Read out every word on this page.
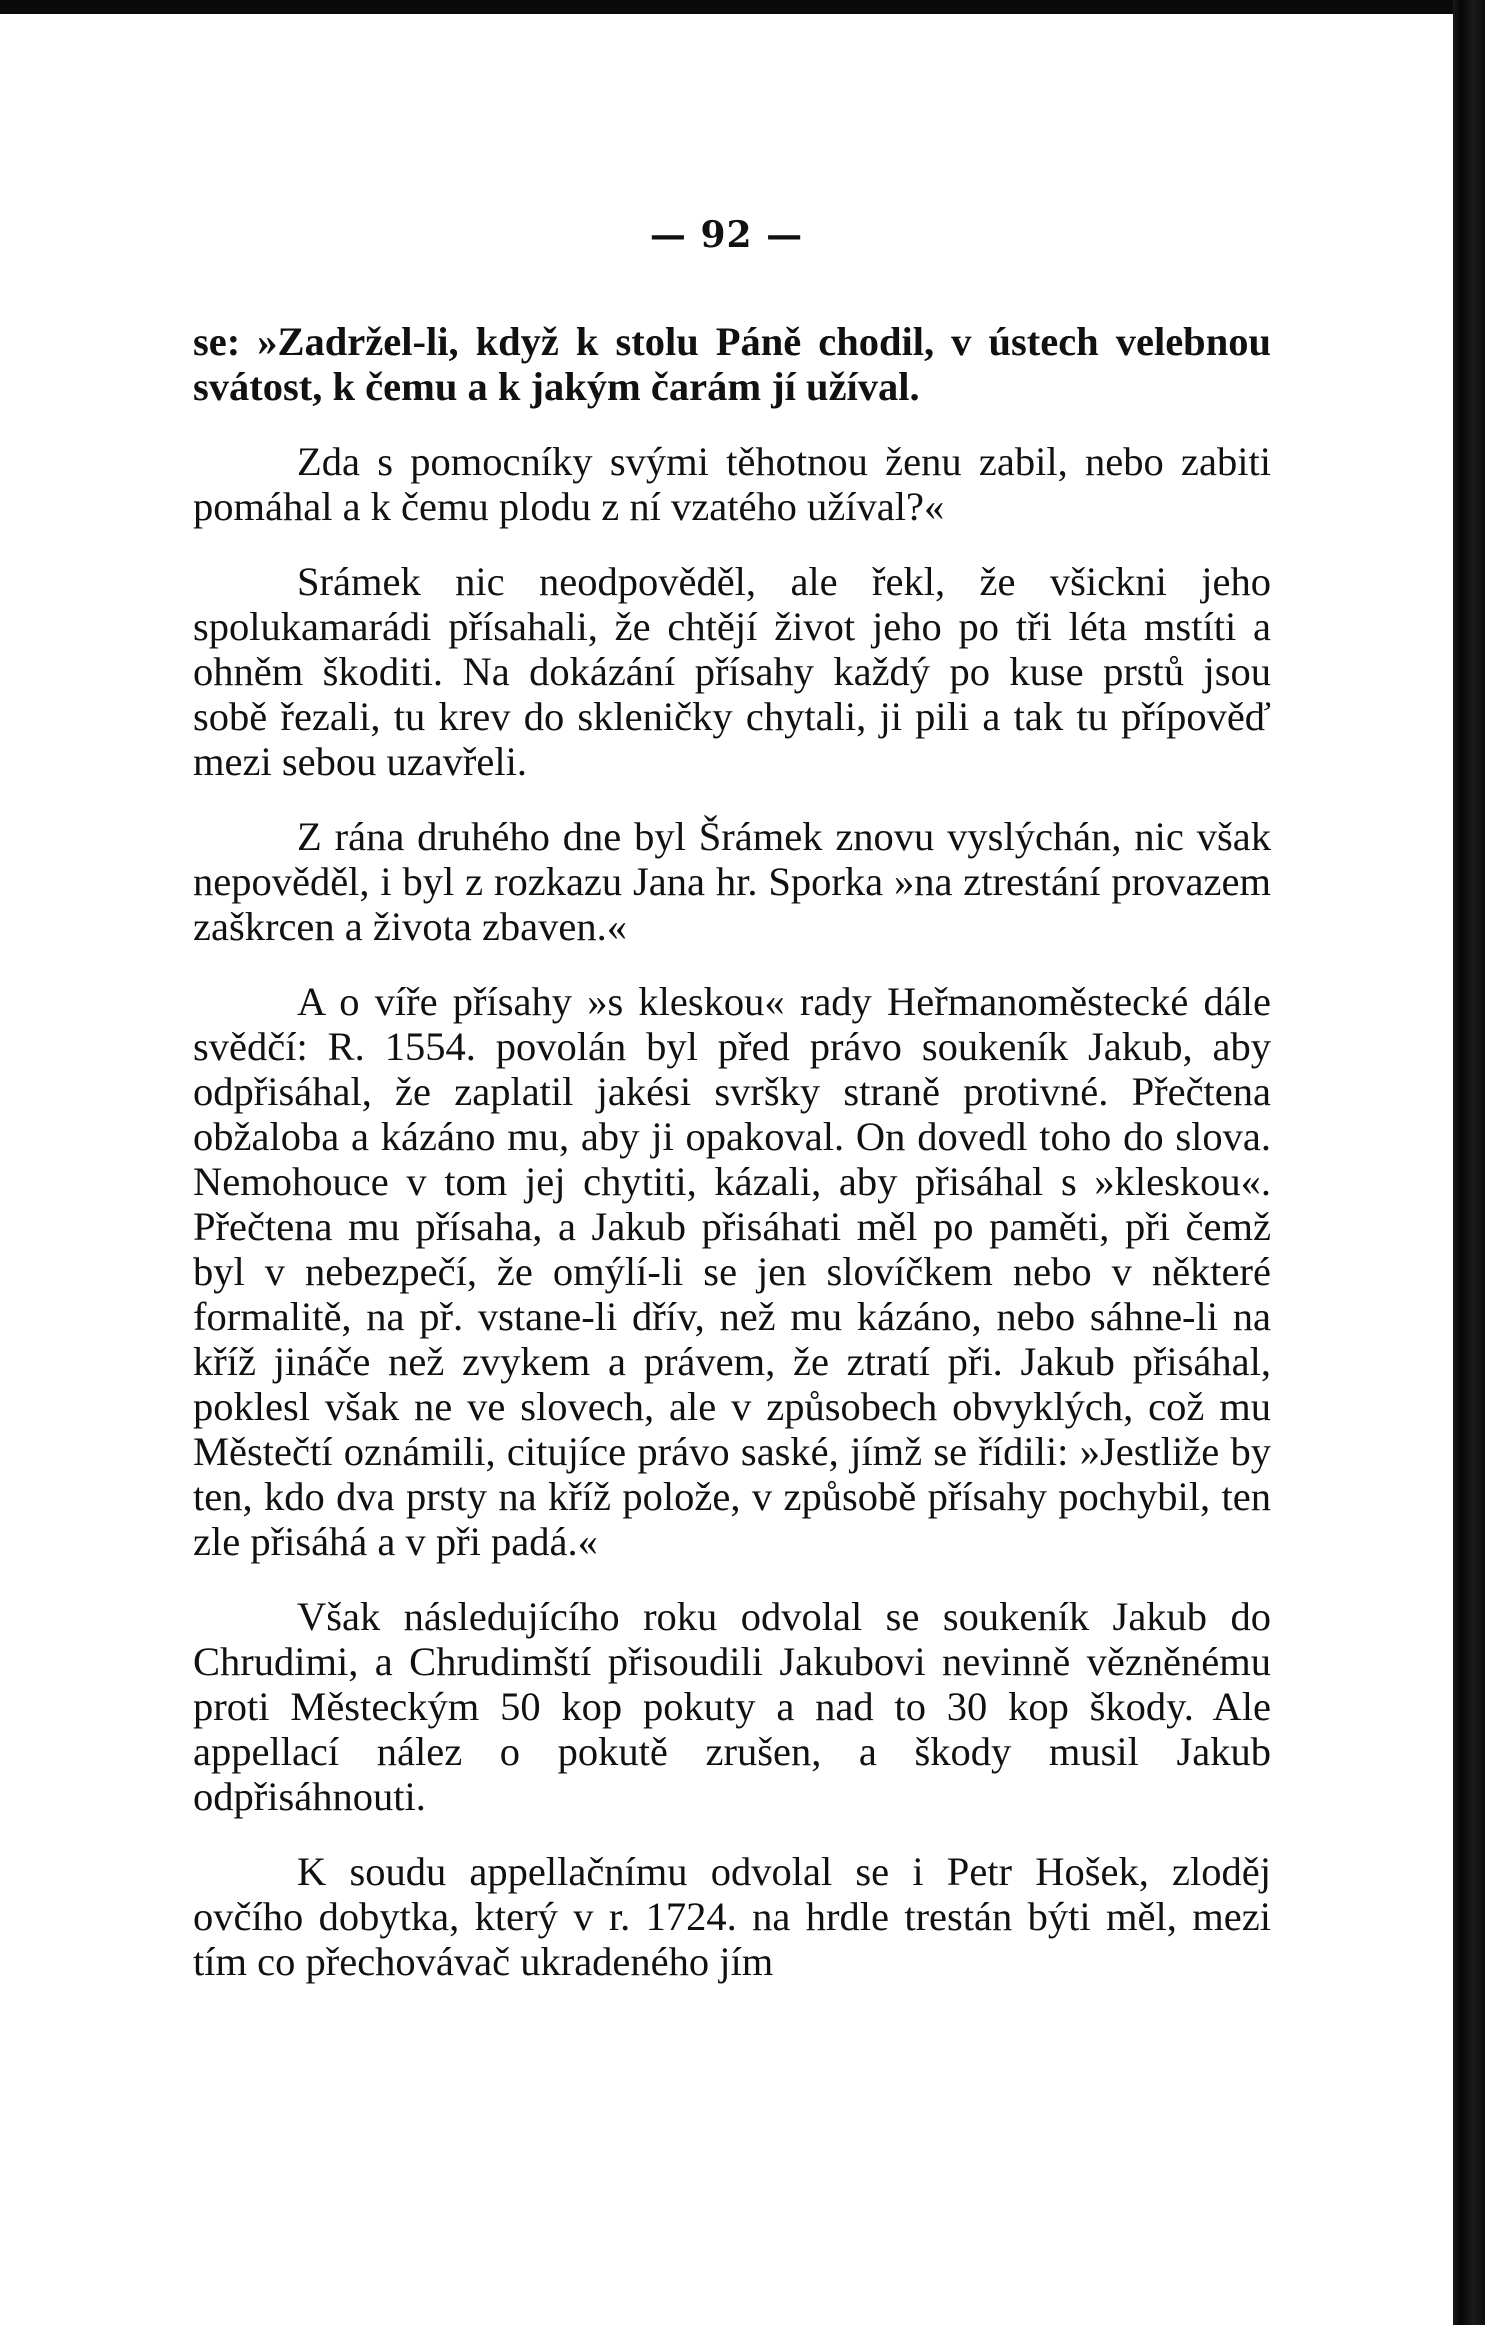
— 92 —

se: »Zadržel-li, když k stolu Páně chodil, v ústech velebnou svátost, k čemu a k jakým čarám jí užíval.

Zda s pomocníky svými těhotnou ženu zabil, nebo zabiti pomáhal a k čemu plodu z ní vzatého užíval?«

Srámek nic neodpověděl, ale řekl, že všickni jeho spolukamarádi přísahali, že chtějí život jeho po tři léta mstíti a ohněm škoditi. Na dokázání přísahy každý po kuse prstů jsou sobě řezali, tu krev do skleničky chytali, ji pili a tak tu přípověď mezi sebou uzavřeli.

Z rána druhého dne byl Šrámek znovu vyslýchán, nic však nepověděl, i byl z rozkazu Jana hr. Sporka »na ztrestání provazem zaškrcen a života zbaven.«

A o víře přísahy »s kleskou« rady Heřmanoměstecké dále svědčí: R. 1554. povolán byl před právo soukeník Jakub, aby odpřisáhal, že zaplatil jakési svršky straně protivné. Přečtena obžaloba a kázáno mu, aby ji opakoval. On dovedl toho do slova. Nemohouce v tom jej chytiti, kázali, aby přisáhal s »kleskou«. Přečtena mu přísaha, a Jakub přisáhati měl po paměti, při čemž byl v nebezpečí, že omýlí-li se jen slovíčkem nebo v některé formalitě, na př. vstane-li dřív, než mu kázáno, nebo sáhne-li na kříž jináče než zvykem a právem, že ztratí při. Jakub přisáhal, poklesl však ne ve slovech, ale v způsobech obvyklých, což mu Městečtí oznámili, citujíce právo saské, jímž se řídili: »Jestliže by ten, kdo dva prsty na kříž polože, v způsobě přísahy pochybil, ten zle přisáhá a v při padá.«

Však následujícího roku odvolal se soukeník Jakub do Chrudimi, a Chrudimští přisoudili Jakubovi nevinně vězněnému proti Městeckým 50 kop pokuty a nad to 30 kop škody. Ale appellací nález o pokutě zrušen, a škody musil Jakub odpřisáhnouti.

K soudu appellačnímu odvolal se i Petr Hošek, zloděj ovčího dobytka, který v r. 1724. na hrdle trestán býti měl, mezi tím co přechovávač ukradeného jím
